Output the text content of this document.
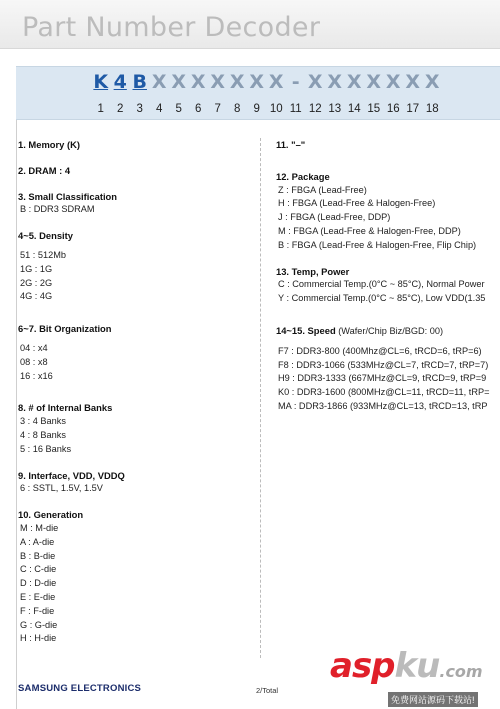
Part Number Decoder
K 4 B X X X X X X X - X X X X X X X
1 2 3 4 5 6 7 8 9 10 11 12 13 14 15 16 17 18
1. Memory (K)
2. DRAM : 4
3. Small Classification
B : DDR3 SDRAM
4~5. Density
51 : 512Mb
1G : 1G
2G : 2G
4G : 4G
6~7. Bit Organization
04 : x4
08 : x8
16 : x16
8. # of Internal Banks
3 : 4 Banks
4 : 8 Banks
5 : 16 Banks
9. Interface, VDD, VDDQ
6 : SSTL, 1.5V, 1.5V
10. Generation
M : M-die
A : A-die
B : B-die
C : C-die
D : D-die
E : E-die
F : F-die
G : G-die
H : H-die
11. "–"
12. Package
Z : FBGA (Lead-Free)
H : FBGA (Lead-Free & Halogen-Free)
J : FBGA (Lead-Free, DDP)
M : FBGA (Lead-Free & Halogen-Free, DDP)
B : FBGA (Lead-Free & Halogen-Free, Flip Chip)
13. Temp, Power
C : Commercial Temp.(0°C ~ 85°C), Normal Power
Y : Commercial Temp.(0°C ~ 85°C), Low VDD(1.35
14~15. Speed (Wafer/Chip Biz/BGD: 00)
F7 : DDR3-800 (400Mhz@CL=6, tRCD=6, tRP=6)
F8 : DDR3-1066 (533MHz@CL=7, tRCD=7, tRP=7)
H9 : DDR3-1333 (667MHz@CL=9, tRCD=9, tRP=9
K0 : DDR3-1600 (800MHz@CL=11, tRCD=11, tRP=
MA : DDR3-1866 (933MHz@CL=13, tRCD=13, tRP
SAMSUNG ELECTRONICS	2/Total
aspku.com
免费网站源码下载站!
